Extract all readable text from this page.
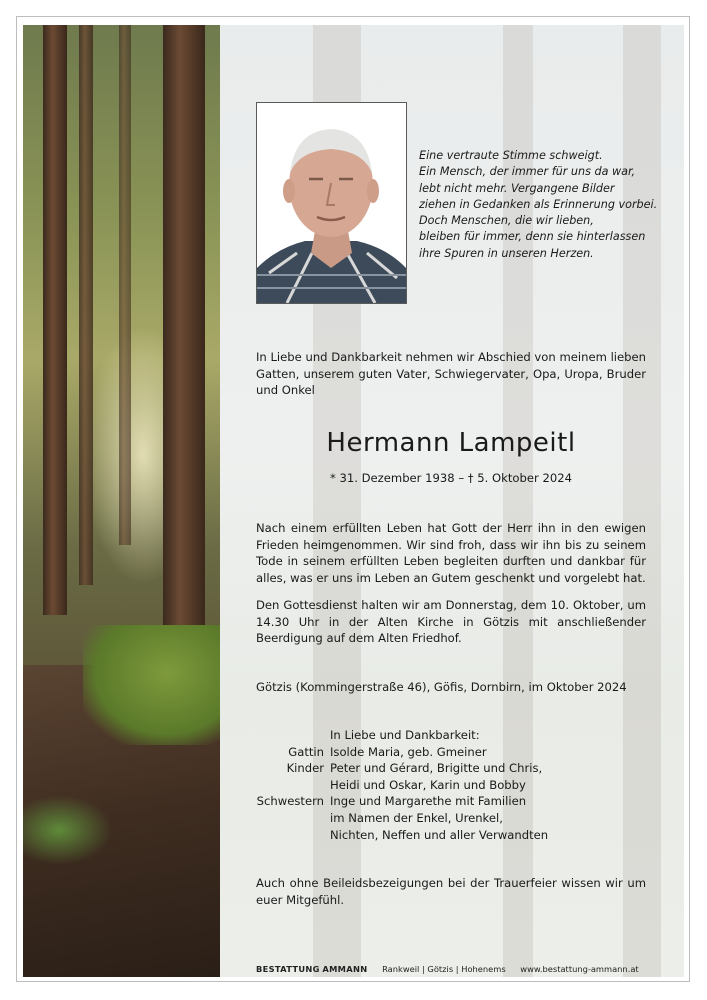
Eine vertraute Stimme schweigt.
Ein Mensch, der immer für uns da war,
lebt nicht mehr. Vergangene Bilder
ziehen in Gedanken als Erinnerung vorbei.
Doch Menschen, die wir lieben,
bleiben für immer, denn sie hinterlassen
ihre Spuren in unseren Herzen.
In Liebe und Dankbarkeit nehmen wir Abschied von meinem lieben Gatten, unserem guten Vater, Schwiegervater, Opa, Uropa, Bruder und Onkel
Hermann Lampeitl
* 31. Dezember 1938 – † 5. Oktober 2024
Nach einem erfüllten Leben hat Gott der Herr ihn in den ewigen Frieden heimgenommen. Wir sind froh, dass wir ihn bis zu seinem Tode in seinem erfüllten Leben begleiten durften und dankbar für alles, was er uns im Leben an Gutem geschenkt und vorgelebt hat.
Den Gottesdienst halten wir am Donnerstag, dem 10. Oktober, um 14.30 Uhr in der Alten Kirche in Götzis mit anschließender Beerdigung auf dem Alten Friedhof.
Götzis (Kommingerstraße 46), Göfis, Dornbirn, im Oktober 2024
In Liebe und Dankbarkeit:
Gattin Isolde Maria, geb. Gmeiner
Kinder Peter und Gérard, Brigitte und Chris,
Heidi und Oskar, Karin und Bobby
Schwestern Inge und Margarethe mit Familien
im Namen der Enkel, Urenkel,
Nichten, Neffen und aller Verwandten
Auch ohne Beileidsbezeigungen bei der Trauerfeier wissen wir um euer Mitgefühl.
BESTATTUNG AMMANN Rankweil | Götzis | Hohenems www.bestattung-ammann.at
